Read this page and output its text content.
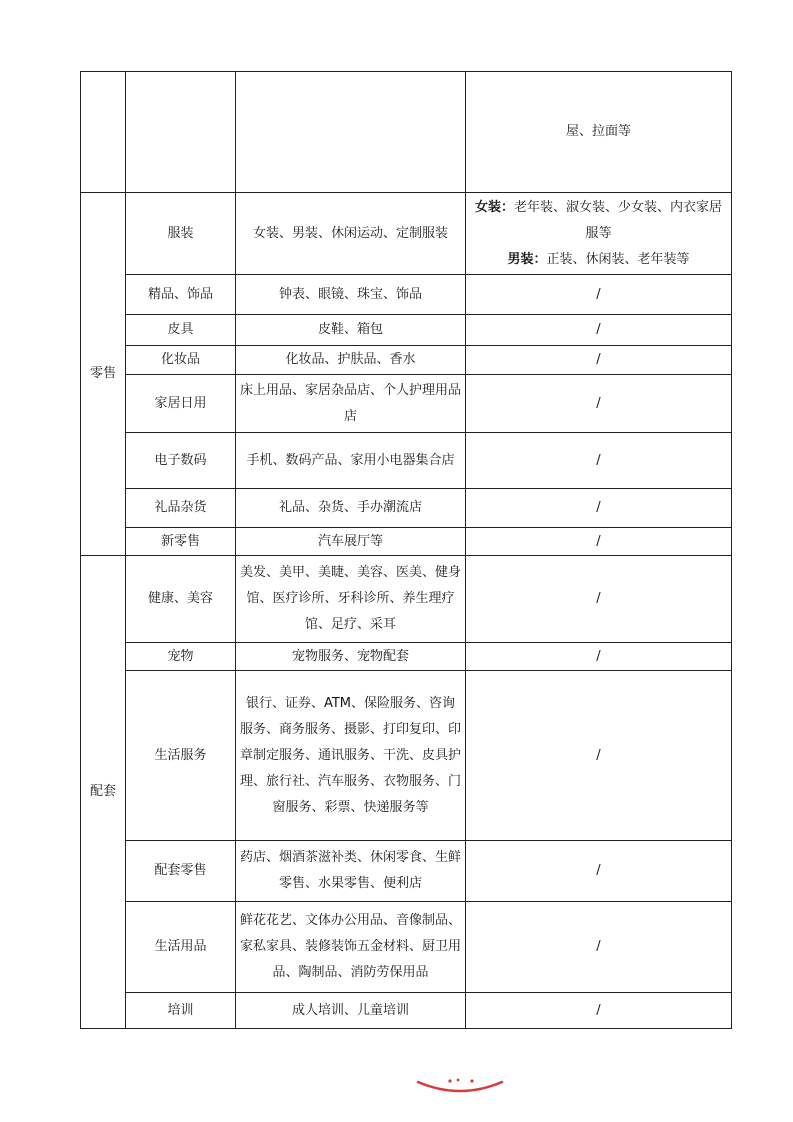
			屋、拉面等
零售	服装	女装、男装、休闲运动、定制服装	女装：老年装、淑女装、少女装、内衣家居服等
男装：正装、休闲装、老年装等

	精品、饰品	钟表、眼镜、珠宝、饰品	/
	皮具	皮鞋、箱包	/
	化妆品	化妆品、护肤品、香水	/
	家居日用	床上用品、家居杂品店、个人护理用品店	/
	电子数码	手机、数码产品、家用小电器集合店	/
	礼品杂货	礼品、杂货、手办潮流店	/
	新零售	汽车展厅等	/
配套	健康、美容	美发、美甲、美睫、美容、医美、健身馆、医疗诊所、牙科诊所、养生理疗馆、足疗、采耳	/
	宠物	宠物服务、宠物配套	/
	生活服务	银行、证券、ATM、保险服务、咨询服务、商务服务、摄影、打印复印、印章制定服务、通讯服务、干洗、皮具护理、旅行社、汽车服务、衣物服务、门窗服务、彩票、快递服务等	/
	配套零售	药店、烟酒茶滋补类、休闲零食、生鲜零售、水果零售、便利店	/
	生活用品	鲜花花艺、文体办公用品、音像制品、家私家具、装修装饰五金材料、厨卫用品、陶制品、消防劳保用品	/
	培训	成人培训、儿童培训	/
